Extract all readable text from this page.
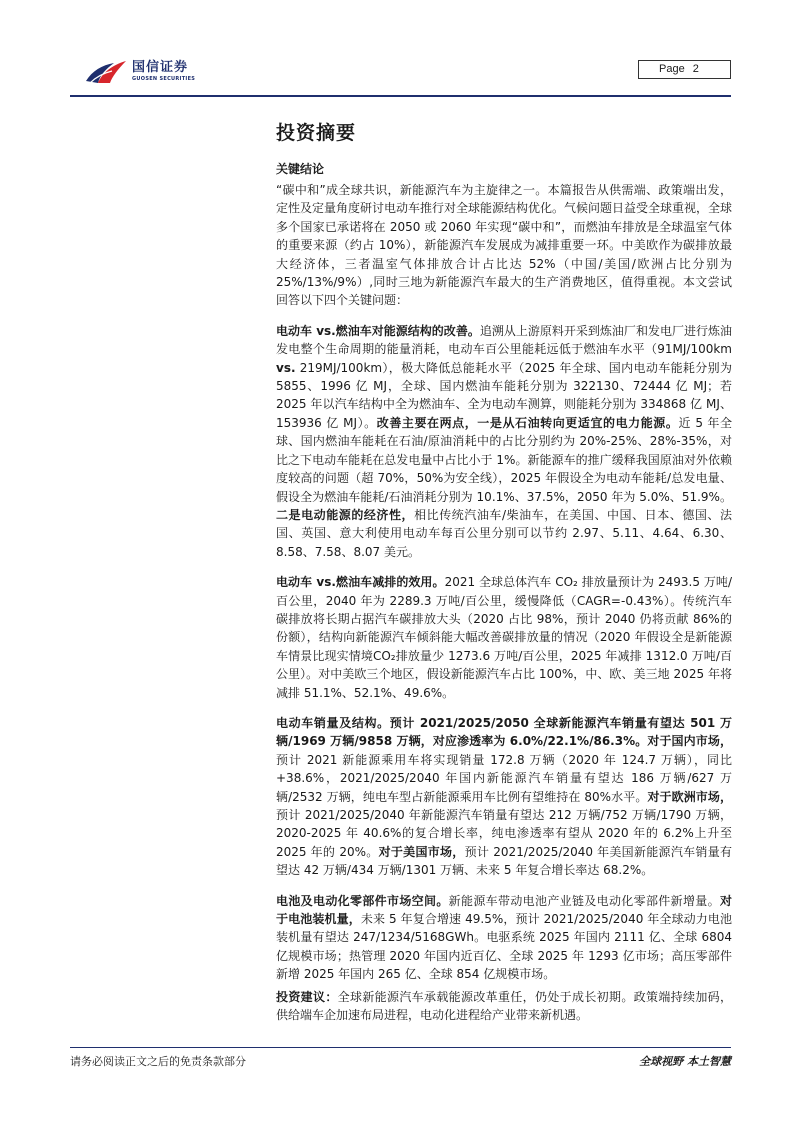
国信证券
GUOSEN SECURITIES
Page 2
投资摘要
关键结论

“碳中和”成全球共识，新能源汽车为主旋律之一。本篇报告从供需端、政策端出发，定性及定量角度研讨电动车推行对全球能源结构优化。气候问题日益受全球重视，全球多个国家已承诺将在 2050 或 2060 年实现“碳中和”，而燃油车排放是全球温室气体的重要来源（约占 10%），新能源汽车发展成为减排重要一环。中美欧作为碳排放最大经济体，三者温室气体排放合计占比达 52%（中国/美国/欧洲占比分别为 25%/13%/9%）,同时三地为新能源汽车最大的生产消费地区，值得重视。本文尝试回答以下四个关键问题：

电动车 vs.燃油车对能源结构的改善。追溯从上游原料开采到炼油厂和发电厂进行炼油发电整个生命周期的能量消耗，电动车百公里能耗远低于燃油车水平（91MJ/100km vs. 219MJ/100km），极大降低总能耗水平（2025 年全球、国内电动车能耗分别为 5855、1996 亿 MJ，全球、国内燃油车能耗分别为 322130、72444 亿 MJ；若 2025 年以汽车结构中全为燃油车、全为电动车测算，则能耗分别为 334868 亿 MJ、153936 亿 MJ）。改善主要在两点，一是从石油转向更适宜的电力能源。近 5 年全球、国内燃油车能耗在石油/原油消耗中的占比分别约为 20%-25%、28%-35%，对比之下电动车能耗在总发电量中占比小于 1%。新能源车的推广缓释我国原油对外依赖度较高的问题（超 70%，50%为安全线），2025 年假设全为电动车能耗/总发电量、假设全为燃油车能耗/石油消耗分别为 10.1%、37.5%，2050 年为 5.0%、51.9%。二是电动能源的经济性，相比传统汽油车/柴油车，在美国、中国、日本、德国、法国、英国、意大利使用电动车每百公里分别可以节约 2.97、5.11、4.64、6.30、8.58、7.58、8.07 美元。

电动车 vs.燃油车减排的效用。2021 全球总体汽车 CO₂ 排放量预计为 2493.5 万吨/百公里，2040 年为 2289.3 万吨/百公里，缓慢降低（CAGR=-0.43%）。传统汽车碳排放将长期占据汽车碳排放大头（2020 占比 98%，预计 2040 仍将贡献 86%的份额），结构向新能源汽车倾斜能大幅改善碳排放量的情况（2020 年假设全是新能源车情景比现实情境CO₂排放量少 1273.6 万吨/百公里，2025 年减排 1312.0 万吨/百公里）。对中美欧三个地区，假设新能源汽车占比 100%，中、欧、美三地 2025 年将减排 51.1%、52.1%、49.6%。

电动车销量及结构。预计 2021/2025/2050 全球新能源汽车销量有望达 501 万辆/1969 万辆/9858 万辆，对应渗透率为 6.0%/22.1%/86.3%。对于国内市场，预计 2021 新能源乘用车将实现销量 172.8 万辆（2020 年 124.7 万辆），同比+38.6%，2021/2025/2040 年国内新能源汽车销量有望达 186 万辆/627 万辆/2532 万辆，纯电车型占新能源乘用车比例有望维持在 80%水平。对于欧洲市场，预计 2021/2025/2040 年新能源汽车销量有望达 212 万辆/752 万辆/1790 万辆，2020-2025 年 40.6%的复合增长率，纯电渗透率有望从 2020 年的 6.2%上升至 2025 年的 20%。对于美国市场，预计 2021/2025/2040 年美国新能源汽车销量有望达 42 万辆/434 万辆/1301 万辆、未来 5 年复合增长率达 68.2%。

电池及电动化零部件市场空间。新能源车带动电池产业链及电动化零部件新增量。对于电池装机量，未来 5 年复合增速 49.5%，预计 2021/2025/2040 年全球动力电池装机量有望达 247/1234/5168GWh。电驱系统 2025 年国内 2111 亿、全球 6804 亿规模市场；热管理 2020 年国内近百亿、全球 2025 年 1293 亿市场；高压零部件新增 2025 年国内 265 亿、全球 854 亿规模市场。

投资建议：全球新能源汽车承载能源改革重任，仍处于成长初期。政策端持续加码，供给端车企加速布局进程，电动化进程给产业带来新机遇。

请务必阅读正文之后的免责条款部分	全球视野 本土智慧
